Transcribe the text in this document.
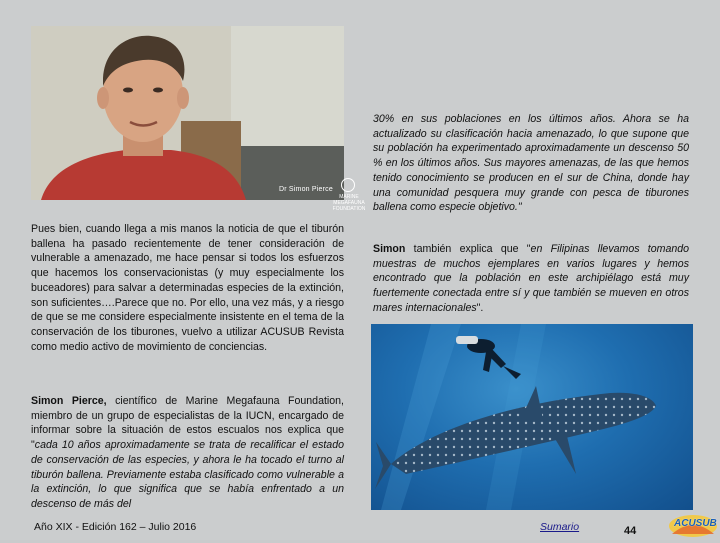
Dr Simon Pierce
MARINE MEGAFAUNA FOUNDATION
Pues bien, cuando llega a mis manos la noticia de que el tiburón ballena ha pasado recientemente de tener consideración de vulnerable a amenazado, me hace pensar si todos los esfuerzos que hacemos los conservacionistas (y muy especialmente los buceadores) para salvar a determinadas especies de la extinción, son suficientes….Parece que no. Por ello, una vez más, y a riesgo de que se me considere especialmente insistente en el tema de la conservación de los tiburones, vuelvo a utilizar ACUSUB Revista como medio activo de movimiento de conciencias.
Simon Pierce, científico de Marine Megafauna Foundation, miembro de un grupo de especialistas de la IUCN, encargado de informar sobre la situación de estos escualos nos explica que "cada 10 años aproximadamente se trata de recalificar el estado de conservación de las especies, y ahora le ha tocado el turno al tiburón ballena. Previamente estaba clasificado como vulnerable a la extinción, lo que significa que se había enfrentado a un descenso de más del
30% en sus poblaciones en los últimos años. Ahora se ha actualizado su clasificación hacia amenazado, lo que supone que su población ha experimentado aproximadamente un descenso 50 % en los últimos años. Sus mayores amenazas, de las que hemos tenido conocimiento se producen en el sur de China, donde hay una comunidad pesquera muy grande con pesca de tiburones ballena como especie objetivo."
Simon también explica que "en Filipinas llevamos tomando muestras de muchos ejemplares en varios lugares y hemos encontrado que la población en este archipiélago está muy fuertemente conectada entre sí y que también se mueven en otros mares internacionales".
Año XIX - Edición 162 – Julio 2016	Sumario	44
ACUSUB
